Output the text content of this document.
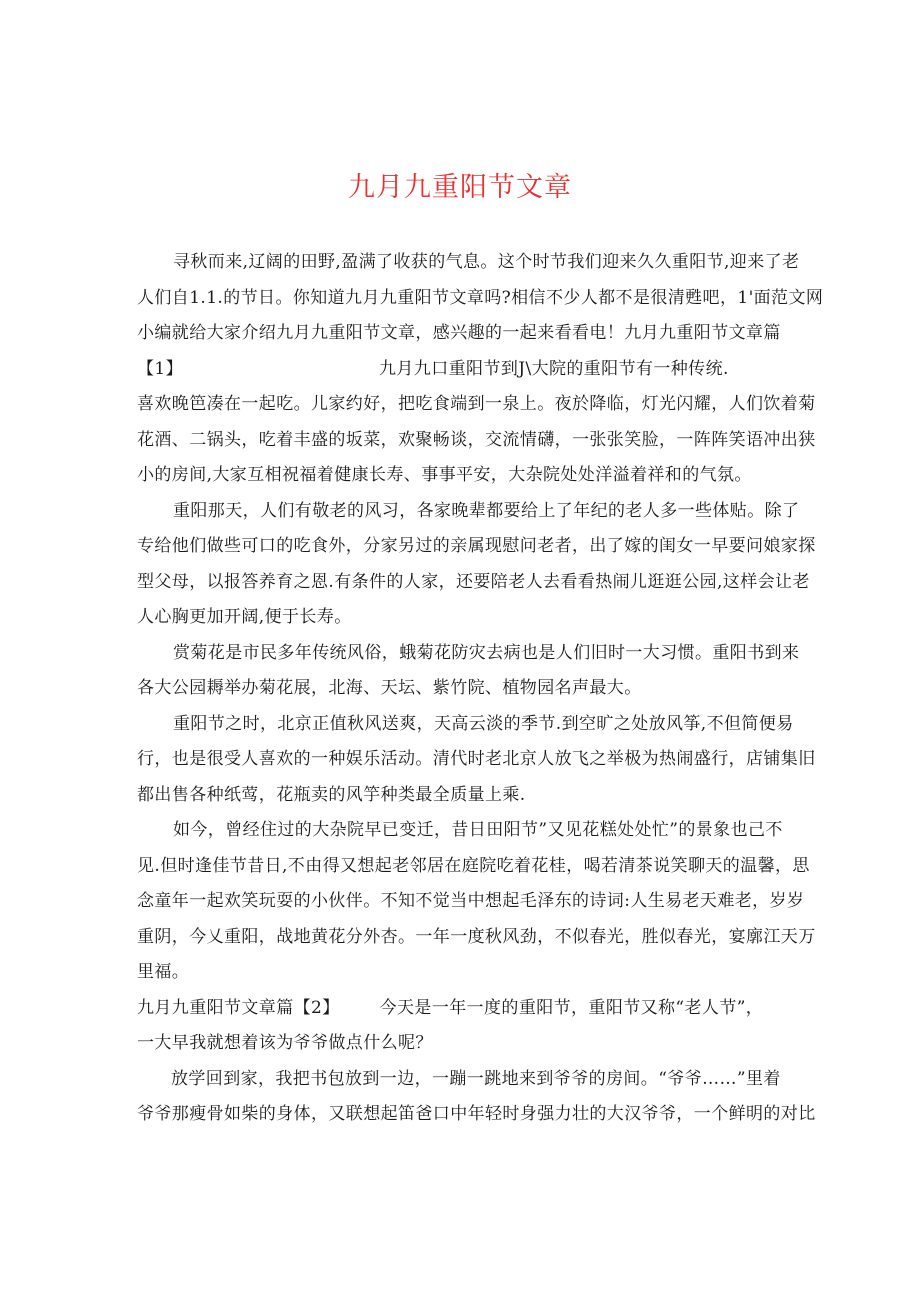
九月九重阳节文章
寻秋而来,辽阔的田野,盈满了收获的气息。这个时节我们迎来久久重阳节,迎来了老
人们自1.1.的节日。你知道九月九重阳节文章吗?相信不少人都不是很清甦吧，1'面范文网
小编就给大家介绍九月九重阳节文章，感兴趣的一起来看看电！九月九重阳节文章篇
【1】	九月九口重阳节到J\大院的重阳节有一种传统.
喜欢晚笆凑在一起吃。儿家约好，把吃食端到一泉上。夜於降临，灯光闪耀，人们饮着菊
花酒、二锅头，吃着丰盛的坂菜，欢聚畅谈，交流情礴，一张张笑脸，一阵阵笑语冲出狭
小的房间,大家互相祝福着健康长寿、事事平安，大杂院处处洋溢着祥和的气氛。
重阳那天，人们有敬老的风习，各家晚辈都要给上了年纪的老人多一些体贴。除了
专给他们做些可口的吃食外，分家另过的亲属现慰问老者，出了嫁的闺女一早要问娘家探
型父母，以报答养育之恩.有条件的人家，还要陪老人去看看热闹儿逛逛公园,这样会让老
人心胸更加开阔,便于长寿。
赏菊花是市民多年传统风俗，蛾菊花防灾去病也是人们旧时一大习惯。重阳书到来
各大公园耨举办菊花展，北海、天坛、紫竹院、植物园名声最大。
重阳节之时，北京正值秋风送爽，天高云淡的季节.到空旷之处放风筝,不但简便易
行，也是很受人喜欢的一种娱乐活动。清代时老北京人放飞之举极为热闹盛行，店铺集旧
都出售各种纸莺，花瓶卖的风竽种类最全质量上乘.
如今，曾经住过的大杂院早已变迁，昔日田阳节”又见花糕处处忙”的景象也己不
见.但时逢佳节昔日,不由得又想起老邻居在庭院吃着花桂，喝若清茶说笑聊天的温馨，思
念童年一起欢笑玩耍的小伙伴。不知不觉当中想起毛泽东的诗词:人生易老天难老，岁岁
重阴，今乂重阳，战地黄花分外杏。一年一度秋风劲，不似春光，胜似春光，宴廓江天万
里福。
九月九重阳节文章篇【2】 今天是一年一度的重阳节，重阳节又称“老人节”，
一大早我就想着该为爷爷做点什么呢？
放学回到家，我把书包放到一边，一蹦一跳地来到爷爷的房间。“爷爷……”里着
爷爷那瘦骨如柴的身体，又联想起笛爸口中年轻时身强力壮的大汉爷爷，一个鲜明的对比
